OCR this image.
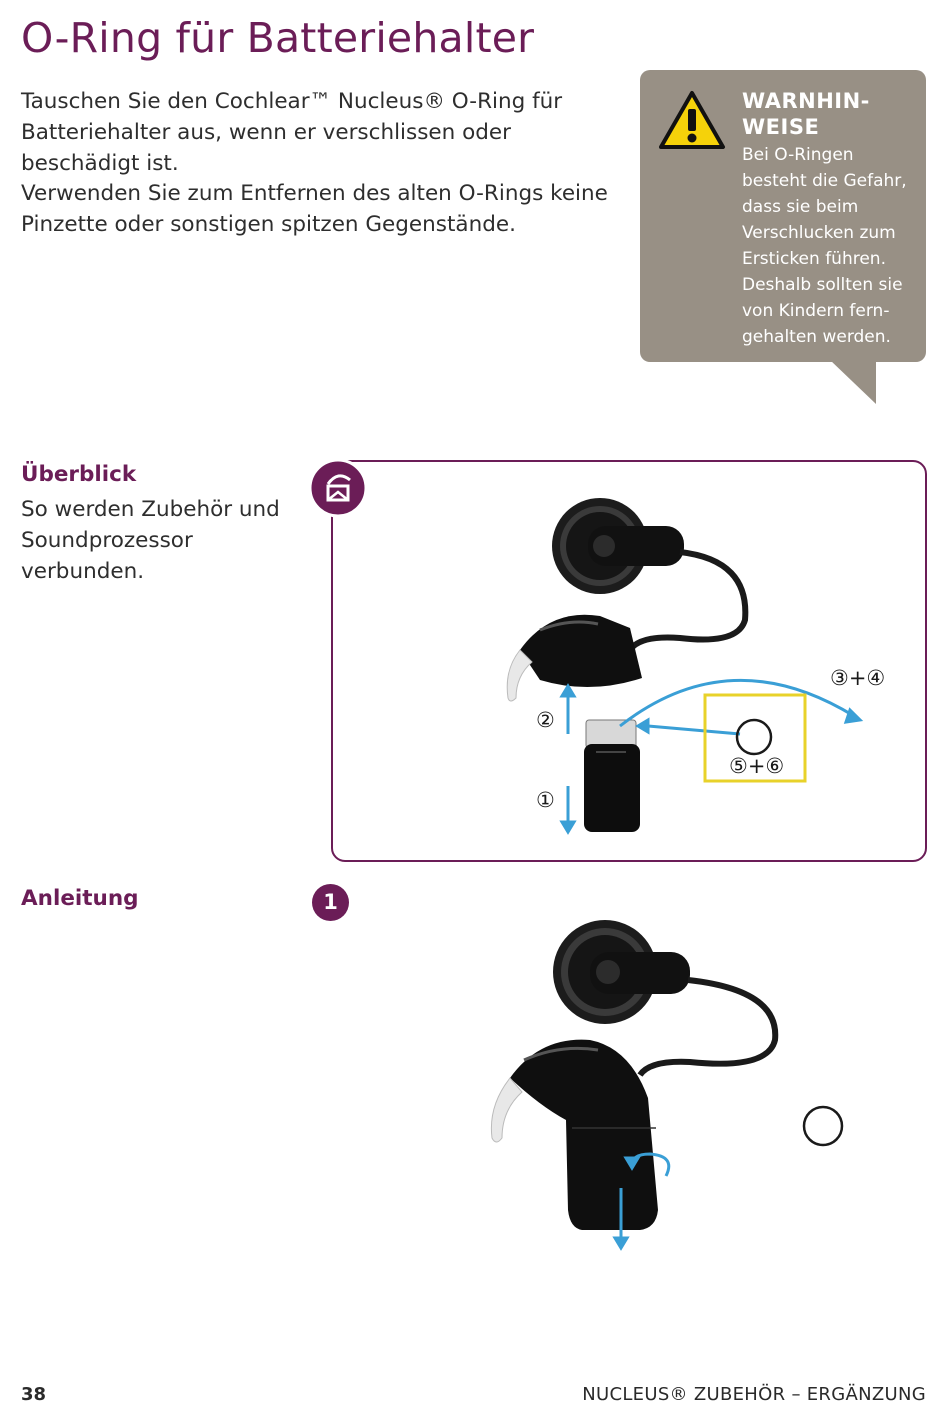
O-Ring für Batteriehalter

Tauschen Sie den Cochlear™ Nucleus® O-Ring für Batteriehalter aus, wenn er verschlissen oder beschädigt ist.

Verwenden Sie zum Entfernen des alten O-Rings keine Pinzette oder sonstigen spitzen Gegenstände.

WARNHIN- WEISE

Bei O-Ringen besteht die Gefahr, dass sie beim Verschlucken zum Ersticken führen. Deshalb sollten sie von Kindern fern- gehalten werden.

Überblick

So werden Zubehör und Soundprozessor verbunden.

②
①
③+④
⑤+⑥

Anleitung	1

38	NUCLEUS® ZUBEHÖR – ERGÄNZUNG
